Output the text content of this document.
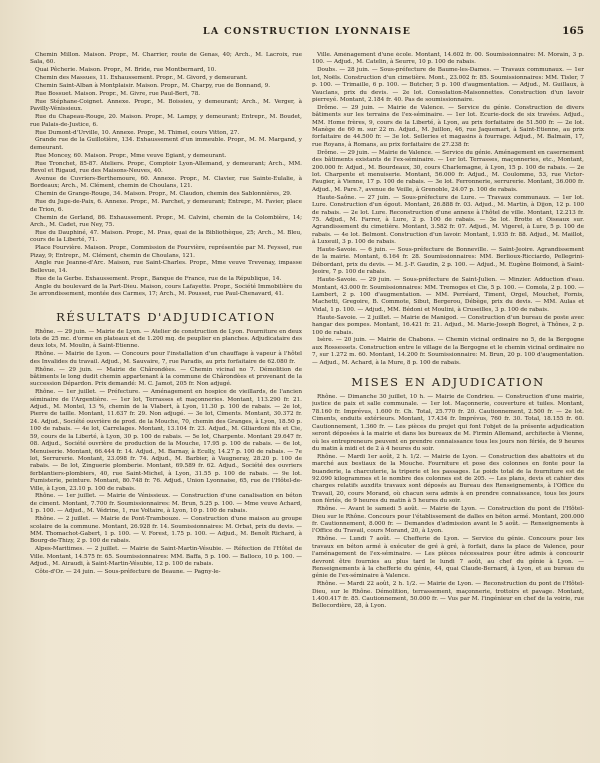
LA CONSTRUCTION LYONNAISE	165

Chemin Millon. Maison. Propr., M. Charrier, route de Genas, 40; Arch., M. Lacroix, rue Sala, 60.

Quai Pêcherie. Maison. Propr., M. Bride, rue Montbernard, 10.

Chemin des Massues, 11. Exhaussement. Propr., M. Givord, y demeurant.

Chemin Saint-Alban à Montplaisir. Maison. Propr., M. Charpy, rue de Bonnand, 9.

Rue Bossuet. Maison. Propr., M. Givre, rue Paul-Bert, 78.

Rue Stéphane-Coignet. Annexe. Propr., M. Boissieu, y demeurant; Arch., M. Verger, à Pavilly-Vénissieux.

Rue du Chapeau-Rouge, 20. Maison. Propr., M. Lampy, y demeurant; Entrepr., M. Boudet, rue Palais-de-Justice, 6.

Rue Dumont-d'Urville, 10. Annexe. Propr., M. Thimel, cours Vitton, 27.

Grande rue de la Guillotière, 134. Exhaussement d'un immeuble. Propr., M. M. Margand, y demeurant.

Rue Moncey, 60. Maison. Propr., Mme veuve Egiant, y demeurant.

Rue Tronchet, 85-87. Ateliers. Propr., Comptoir Lyon-Allemand, y demeurant; Arch., MM. Revol et Rigaud, rue des Maisons-Neuves, 40.

Avenue de Cuvriers-Berthemoure, 60. Annexe. Propr., M. Clavier, rue Sainte-Eulalie, à Bordeaux; Arch., M. Clément, chemin de Choulans, 121.

Chemin de Grange-Rouge, 34. Maison. Propr., M. Claudon, chemin des Sablonnières, 29.

Rue du Juge-de-Paix, 6. Annexe. Propr., M. Parchet, y demeurant; Entrepr., M. Favier, place de Trion, 6.

Chemin de Gerland, 86. Exhaussement. Propr., M. Calvini, chemin de la Colombière, 14; Arch., M. Cadet, rue Ney, 75.

Rue du Dauphiné, 47. Maison. Propr., M. Pras, quai de la Bibliothèque, 25; Arch., M. Bleu, cours de la Liberté, 71.

Place Fourvière. Maison. Propr., Commission de Fourvière, représentée par M. Feyssel, rue Pizay, 9; Entrepr., M. Clément, chemin de Choulans, 121.

Angle rue Jeanne-d'Arc. Maison, rue Saint-Charles. Propr., Mme veuve Trevenay, impasse Bellevue, 14.

Rue de la Gerbe. Exhaussement. Propr., Banque de France, rue de la République, 14.

Angle du boulevard de la Part-Dieu. Maison, cours Lafayette. Propr., Société Immobilière du 3e arrondissement, montée des Carmes, 17; Arch., M. Pousset, rue Paul-Chenavard, 41.

RÉSULTATS D'ADJUDICATION

Rhône. — 29 juin. — Mairie de Lyon. — Atelier de construction de Lyon. Fourniture en deux lots de 25 mc. d'orme en plateaux et de 1.200 mq. de peuplier en planches. Adjudicataire des deux lots, M. Moulin, à Saint-Etienne.

Rhône. — Mairie de Lyon. — Concours pour l'installation d'un chauffage à vapeur à l'hôtel des Invalides du travail. Adjud., M. Sauvaire, 7, rue Paradis, au prix forfaitaire de 62.080 fr.

Rhône. — 29 juin. — Mairie de Chârondèes. — Chemin vicinal no 7. Démolition de bâtiments le long dudit chemin appartenant à la commune de Chârondèes et provenant de la succession Dépardon. Prix demandé: M. C. Jamot, 205 fr. Non adjugé.

Rhône. — 1er juillet. — Préfecture. — Aménagement en hospice de vieillards, de l'ancien séminaire de l'Argentière. — 1er lot, Terrasses et maçonneries. Montant, 113.290 fr. 21. Adjud., M. Montel, 13 %, chemin de la Vlabert, à Lyon, 11.30 p. 100 de rabais. — 2e lot, Pierre de taille. Montant, 11.637 fr. 29. Non adjugé. — 3e lot, Ciments. Montant, 30.372 fr. 24. Adjud., Société ouvrière de prod. de la Mouche, 70, chemin des Granges, à Lyon, 18.50 p. 100 de rabais. — 4e lot, Carrelages. Montant, 13.104 fr. 23. Adjud., M. Glliardoni fils et Cie, 59, cours de la Liberté, à Lyon, 30 p. 100 de rabais. — 5e lot, Charpente. Montant 29.647 fr. 08. Adjud., Société ouvrière de production de la Mouche, 17.95 p. 100 de rabais. — 6e lot, Menuiserie. Montant, 66.444 fr. 14. Adjud., M. Barnay, à Ecully, 14.27 p. 100 de rabais. — 7e lot, Serrurerie. Montant, 23.098 fr. 74. Adjud., M. Barbier, à Vaugneray, 28.20 p. 100 de rabais. — 8e lot, Zinguerie plomberie. Montant, 69.589 fr. 62. Adjud., Société des ouvriers ferblantiers-plombiers, 40, rue Saint-Michel, à Lyon, 31.55 p. 100 de rabais. — 9e lot. Fumisterie, peinture. Montant, 80.748 fr. 76. Adjud., Union Lyonnaise, 65, rue de l'Hôtel-de-Ville, à Lyon, 23.10 p. 100 de rabais.

Rhône. — 1er juillet. — Mairie de Vénissieux. — Construction d'une canalisation en béton de ciment. Montant, 7.700 fr. Soumissionnaires: M. Brun, 5.25 p. 100. — Mme veuve Achard, 1 p. 100. — Adjud., M. Védrine, 1, rue Voltaire, à Lyon, 10 p. 100 de rabais.

Rhône. — 2 juillet. — Mairie de Pont-Trambouze. — Construction d'une maison au groupe scolaire de la commune. Montant, 26.928 fr. 14. Soumissionnaires: M. Orbat, prix du devis. — MM. Thomachot-Gabert, 1 p. 100. — V. Forest, 1.75 p. 100. — Adjud., M. Benoît Richard, à Bourg-de-Thizy, 2 p. 100 de rabais.

Alpes-Maritimes. — 2 juillet. — Mairie de Saint-Martin-Vésubie. — Réfection de l'Hôtel de Ville. Montant, 14.575 fr. 65. Soumissionnaires: MM. Baffa, 5 p. 100. — Balloco, 10 p. 100. — Adjud., M. Airaudi, à Saint-Martin-Vésubie, 12 p. 100 de rabais.

Côte-d'Or. — 24 juin. — Sous-préfecture de Beaune. — Pagny-le-

Ville. Aménagement d'une école. Montant, 14.602 fr. 00. Soumissionnaire: M. Morain, 3 p. 100. — Adjud., M. Catelin, à Seurre, 10 p. 100 de rabais.

Doubs. — 28 juin. — Sous-préfecture de Baume-les-Dames. — Travaux communaux. — 1er lot, Noëls. Construction d'un cimetière. Mont., 23.002 fr. 85. Soumissionnaires: MM. Tisler, 7 p. 100. — Trimaille, 6 p. 100. — Butcher, 5 p. 100 d'augmentation. — Adjud., M. Guillaux, à Vauclans, prix du devis. — 2e lot. Consolation-Maisonnettes. Construction d'un lavoir pierreyé. Montant, 2.184 fr. 40. Pas de soumissionnaire.

Drôme. — 29 juin. — Mairie de Valence. — Service du génie. Construction de divers bâtiments sur les terrains de l'ex-séminaire. — 1er lot. Ecurie-dock de six travées. Adjud., MM. Home frères, 9, cours de la Liberté, à Lyon, au prix forfaitaire de 51.500 fr. — 2e lot. Manège de 60 m. sur 22 m. Adjud., M. Juillon, 46, rue Jaquemart, à Saint-Etienne, au prix forfaitaire de 44.500 fr. — 3e lot. Selleries et magasins à fourrage. Adjud., M. Balmain, 17, rue Royans, à Romans, au prix forfaitaire de 27.238 fr.

Drôme. — 29 juin. — Mairie de Valence. — Service du génie. Aménagement en casernement des bâtiments existants de l'ex-séminaire. — 1er lot. Terrasses, maçonneries, etc., Montant, 200.000 fr. Adjud., M. Bourdeaux, 30, cours Charlemagne, à Lyon, 15 p. 100 de rabais. — 2e lot. Charpente et menuiserie. Montant, 56.000 fr. Adjud., M. Coulomme, 53, rue Victor-Faugier, à Vienne, 17 p. 100 de rabais. — 3e lot. Ferronnerie, serrurerie. Montant, 36.000 fr. Adjud., M. Pare.?, avenue de Veille, à Grenoble, 24.07 p. 100 de rabais.

Haute-Saône. — 27 juin. — Sous-préfecture de Lure. — Travaux communaux. — 1er lot. Lure. Construction d'un égout. Montant, 26.888 fr. 03. Adjud., M. Martin, à Dijon, 12 p. 100 de rabais. — 2e lot. Lure. Reconstruction d'une annexe à l'hôtel de ville. Montant, 12.213 fr. 75. Adjud., M. Farrer, à Lure, 2 p. 100 de rabais. — 3e lot. Brotte et Oiseaux sur. Agrandissement du cimetière. Montant, 3.582 fr. 07. Adjud., M. Vigerel, à Lure, 5 p. 100 de rabais. — 4e lot. Belmont. Construction d'un lavoir. Montant, 1.935 fr. 88. Adjud., M. Maillot, à Luxeuil, 3 p. 100 de rabais.

Haute-Savoie. — 6 juin. — Sous-préfecture de Bonneville. — Saint-Jeoire. Agrandissement de la mairie. Montant, 6.164 fr. 28. Soumissionnaires: MM. Berlioux-Ricciardo, Pellegrini-Débordant, prix du devis. — M. J.-F. Gaudin, 2 p. 100. — Adjud., M. Eugène Boimond, à Saint-Jeoire, 7 p. 100 de rabais.

Haute-Savoie. — 29 juin. — Sous-préfecture de Saint-Julien. — Minzier. Adduction d'eau. Montant, 43.000 fr. Soumissionnaires: MM. Tremoges et Cie, 5 p. 100. — Comola, 2 p. 100. — Lambert, 2 p. 100 d'augmentation. — MM. Perréard, Timent, Orgel, Mouchet, Fornis, Machetti, Gregoire, B. Commote, Sibut, Bergerou, Débège, prix du devis. — MM. Aulas et Vidal, 1 p. 100. — Adjud., MM. Bédoni et Moulini, à Cruseilles, 3 p. 100 de rabais.

Haute-Savoie. — 2 juillet. — Mairie de Manigod. — Construction d'un bureau de poste avec hangar des pompes. Montant, 16.421 fr. 21. Adjud., M. Marie-Joseph Bogret, à Thônes, 2 p. 100 de rabais.

Isère. — 20 juin. — Mairie de Chabons. — Chemin vicinal ordinaire no 5, de la Bergogne aux Rossessets. Construction entre le village de la Bergogne et le chemin vicinal ordinaire no 7, sur 1.272 m. 60. Montant, 14.200 fr. Soumissionnaire: M. Brun, 20 p. 100 d'augmentation. — Adjud., M. Achard, à la Mure, 8 p. 100 de rabais.

MISES EN ADJUDICATION

Rhône. — Dimanche 30 juillet, 10 h. — Mairie de Condrieu. — Construction d'une mairie, justice de paix et salle communale. — 1er lot. Maçonnerie, couverture et tuiles. Montant, 78.160 fr. Imprévus, 1.600 fr. Ch. Total, 25.770 fr. 20. Cautionnement, 2.500 fr. — 2e lot. Ciments, enduits extérieurs. Montant, 17.434 fr. Imprévus, 760 fr. 30. Total, 18.155 fr. 60. Cautionnement, 1.360 fr. — Les pièces du projet qui font l'objet de la présente adjudication seront déposées à la mairie et dans les bureaux de M. Firmin Allemand, architecte à Vienne, où les entrepreneurs peuvent en prendre connaissance tous les jours non fériés, de 9 heures du matin à midi et de 2 à 4 heures du soir.

Rhône. — Mardi 1er août, 2 h. 1/2. — Mairie de Lyon. — Construction des abattoirs et du marché aux bestiaux de la Mouche. Fourniture et pose des colonnes en fonte pour la buanderie, la charcuterie, la triperie et les passages. Le poids total de la fourniture est de 92.090 kilogrammes et le nombre des colonnes est de 205. — Les plans, devis et cahier des charges relatifs auxdits travaux sont déposés au Bureau des Renseignements, à l'Office du Travail, 20, cours Morand, où chacun sera admis à en prendre connaissance, tous les jours non fériés, de 9 heures du matin à 5 heures du soir.

Rhône. — Avant le samedi 5 août. — Mairie de Lyon. — Construction du pont de l'Hôtel-Dieu sur le Rhône. Concours pour l'établissement de dalles en béton armé. Montant, 200.000 fr. Cautionnement, 8.000 fr. — Demandes d'admission avant le 5 août. — Renseignements à l'Office du Travail, cours Morand, 20, à Lyon.

Rhône. — Lundi 7 août. — Chefferie de Lyon. — Service du génie. Concours pour les travaux en béton armé à exécuter de gré à gré, à forfait, dans la place de Valence, pour l'aménagement de l'ex-séminaire. — Les pièces nécessaires pour être admis à concourir devront être fournies au plus tard le lundi 7 août, au chef du génie à Lyon. — Renseignements à la chefferie du génie, 44, quai Claude-Bernard, à Lyon, et au bureau du génie de l'ex-séminaire à Valence.

Rhône. — Mardi 22 août, 2 h. 1/2. — Mairie de Lyon. — Reconstruction du pont de l'Hôtel-Dieu, sur le Rhône. Démolition, terrassement, maçonnerie, trottoirs et pavage. Montant, 1.400.417 fr. 85. Cautionnement, 50.000 fr. — Vus par M. l'ingénieur en chef de la voirie, rue Bellecordière, 28, à Lyon.
